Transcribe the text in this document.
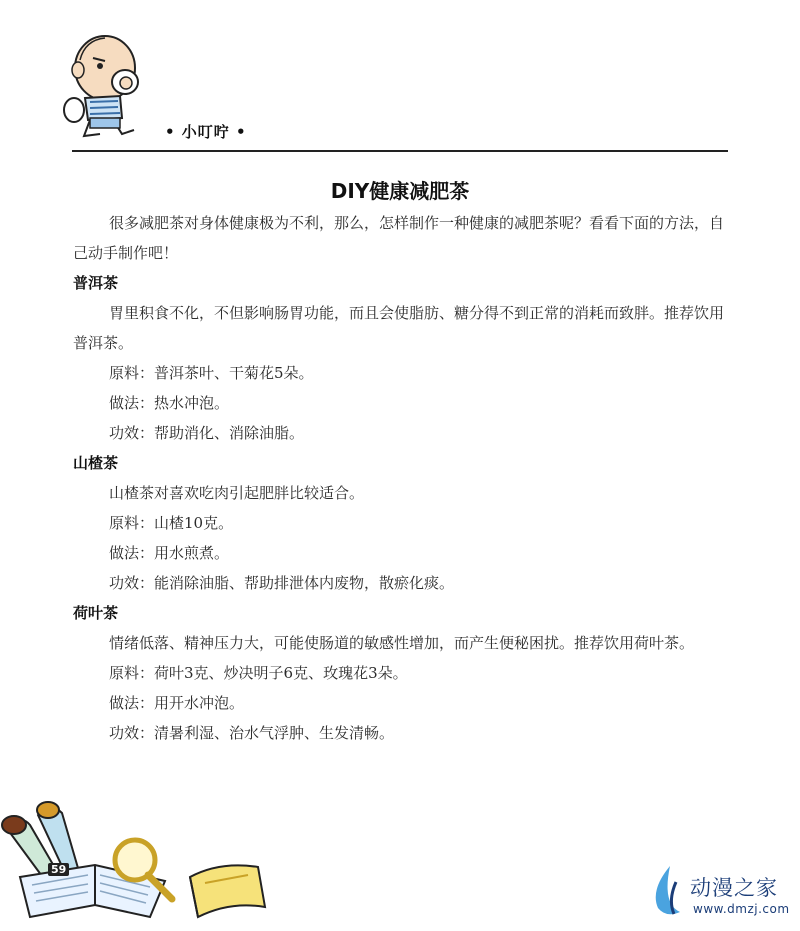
• 小叮咛 •
DIY健康减肥茶

很多减肥茶对身体健康极为不利，那么，怎样制作一种健康的减肥茶呢？看看下面的方法，自己动手制作吧！

普洱茶

胃里积食不化，不但影响肠胃功能，而且会使脂肪、糖分得不到正常的消耗而致胖。推荐饮用普洱茶。

原料：普洱茶叶、干菊花5朵。

做法：热水冲泡。

功效：帮助消化、消除油脂。

山楂茶

山楂茶对喜欢吃肉引起肥胖比较适合。

原料：山楂10克。

做法：用水煎煮。

功效：能消除油脂、帮助排泄体内废物，散瘀化痰。

荷叶茶

情绪低落、精神压力大，可能使肠道的敏感性增加，而产生便秘困扰。推荐饮用荷叶茶。

原料：荷叶3克、炒决明子6克、玫瑰花3朵。

做法：用开水冲泡。

功效：清暑利湿、治水气浮肿、生发清畅。

59
动漫之家
www.dmzj.com
